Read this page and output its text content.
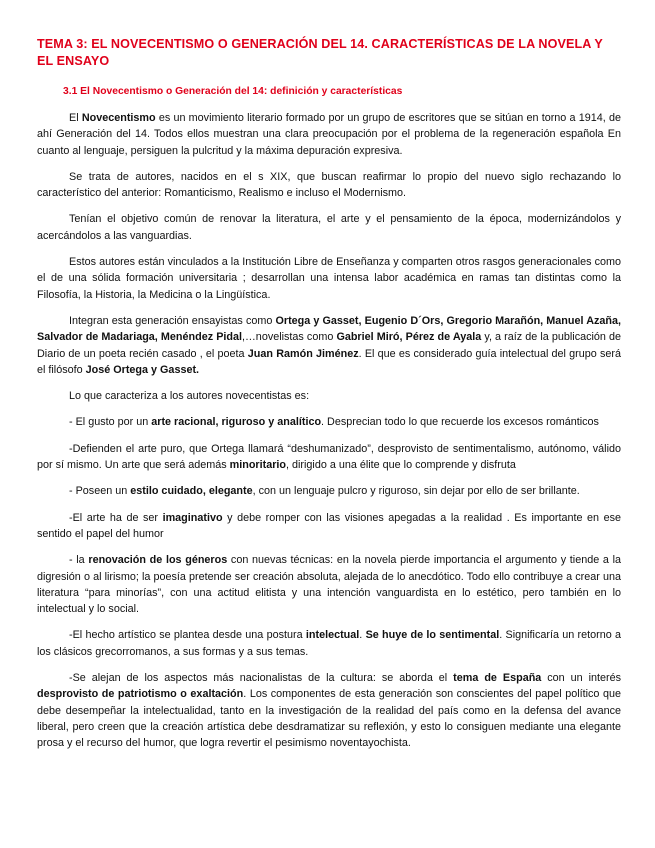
TEMA 3: EL NOVECENTISMO O GENERACIÓN DEL 14. CARACTERÍSTICAS DE LA NOVELA Y EL ENSAYO
3.1 El Novecentismo o Generación del 14: definición y características

El Novecentismo es un movimiento literario formado por un grupo de escritores que se sitúan en torno a 1914, de ahí Generación del 14. Todos ellos muestran una clara preocupación por el problema de la regeneración española En cuanto al lenguaje, persiguen la pulcritud y la máxima depuración expresiva.

Se trata de autores, nacidos en el s XIX, que buscan reafirmar lo propio del nuevo siglo rechazando lo característico del anterior: Romanticismo, Realismo e incluso el Modernismo.

Tenían el objetivo común de renovar la literatura, el arte y el pensamiento de la época, modernizándolos y acercándolos a las vanguardias.

Estos autores están vinculados a la Institución Libre de Enseñanza y comparten otros rasgos generacionales como el de una sólida formación universitaria ; desarrollan una intensa labor académica en ramas tan distintas como la Filosofía, la Historia, la Medicina o la Lingüística.

Integran esta generación ensayistas como Ortega y Gasset, Eugenio D´Ors, Gregorio Marañón, Manuel Azaña, Salvador de Madariaga, Menéndez Pidal,…novelistas como Gabriel Miró, Pérez de Ayala y, a raíz de la publicación de Diario de un poeta recién casado , el poeta Juan Ramón Jiménez. El que es considerado guía intelectual del grupo será el filósofo José Ortega y Gasset.

Lo que caracteriza a los autores novecentistas es:

- El gusto por un arte racional, riguroso y analítico. Desprecian todo lo que recuerde los excesos románticos

-Defienden el arte puro, que Ortega llamará “deshumanizado”, desprovisto de sentimentalismo, autónomo, válido por sí mismo. Un arte que será además minoritario, dirigido a una élite que lo comprende y disfruta

- Poseen un estilo cuidado, elegante, con un lenguaje pulcro y riguroso, sin dejar por ello de ser brillante.

-El arte ha de ser imaginativo y debe romper con las visiones apegadas a la realidad . Es importante en ese sentido el papel del humor

- la renovación de los géneros con nuevas técnicas: en la novela pierde importancia el argumento y tiende a la digresión o al lirismo; la poesía pretende ser creación absoluta, alejada de lo anecdótico. Todo ello contribuye a crear una literatura “para minorías”, con una actitud elitista y una intención vanguardista en lo estético, pero también en lo intelectual y lo social.

-El hecho artístico se plantea desde una postura intelectual. Se huye de lo sentimental. Significaría un retorno a los clásicos grecorromanos, a sus formas y a sus temas.

-Se alejan de los aspectos más nacionalistas de la cultura: se aborda el tema de España con un interés desprovisto de patriotismo o exaltación. Los componentes de esta generación son conscientes del papel político que debe desempeñar la intelectualidad, tanto en la investigación de la realidad del país como en la defensa del avance liberal, pero creen que la creación artística debe desdramatizar su reflexión, y esto lo consiguen mediante una elegante prosa y el recurso del humor, que logra revertir el pesimismo noventayochista.
